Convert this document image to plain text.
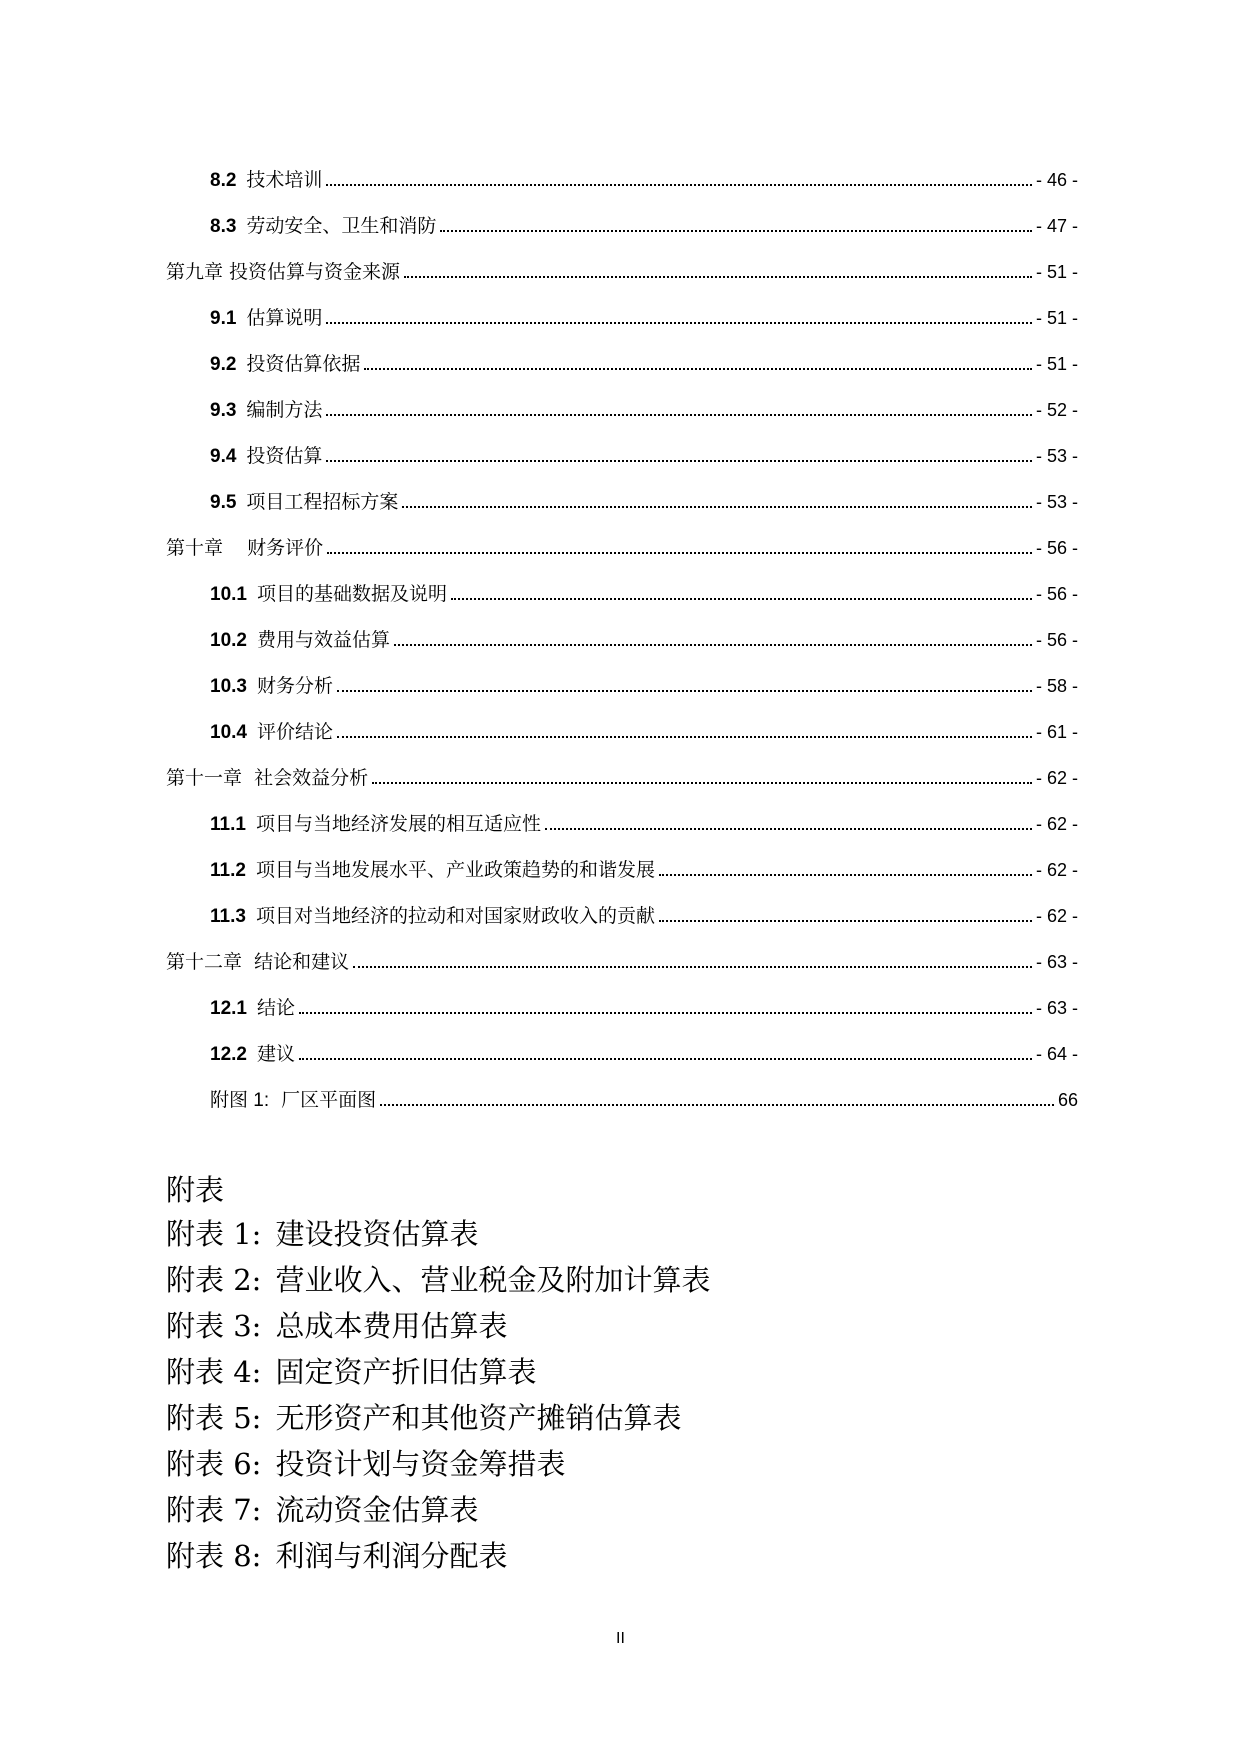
8.2 技术培训	- 46 -
8.3 劳动安全、卫生和消防	- 47 -
第九章 投资估算与资金来源	- 51 -
9.1 估算说明	- 51 -
9.2 投资估算依据	- 51 -
9.3 编制方法	- 52 -
9.4 投资估算	- 53 -
9.5 项目工程招标方案	- 53 -
第十章    财务评价	- 56 -
10.1 项目的基础数据及说明	- 56 -
10.2 费用与效益估算	- 56 -
10.3 财务分析	- 58 -
10.4 评价结论	- 61 -
第十一章  社会效益分析	- 62 -
11.1 项目与当地经济发展的相互适应性	- 62 -
11.2 项目与当地发展水平、产业政策趋势的和谐发展	- 62 -
11.3 项目对当地经济的拉动和对国家财政收入的贡献	- 62 -
第十二章  结论和建议	- 63 -
12.1 结论	- 63 -
12.2 建议	- 64 -
附图 1: 厂区平面图	66
附表
附表 1: 建设投资估算表
附表 2: 营业收入、营业税金及附加计算表
附表 3: 总成本费用估算表
附表 4: 固定资产折旧估算表
附表 5: 无形资产和其他资产摊销估算表
附表 6: 投资计划与资金筹措表
附表 7: 流动资金估算表
附表 8: 利润与利润分配表
II
